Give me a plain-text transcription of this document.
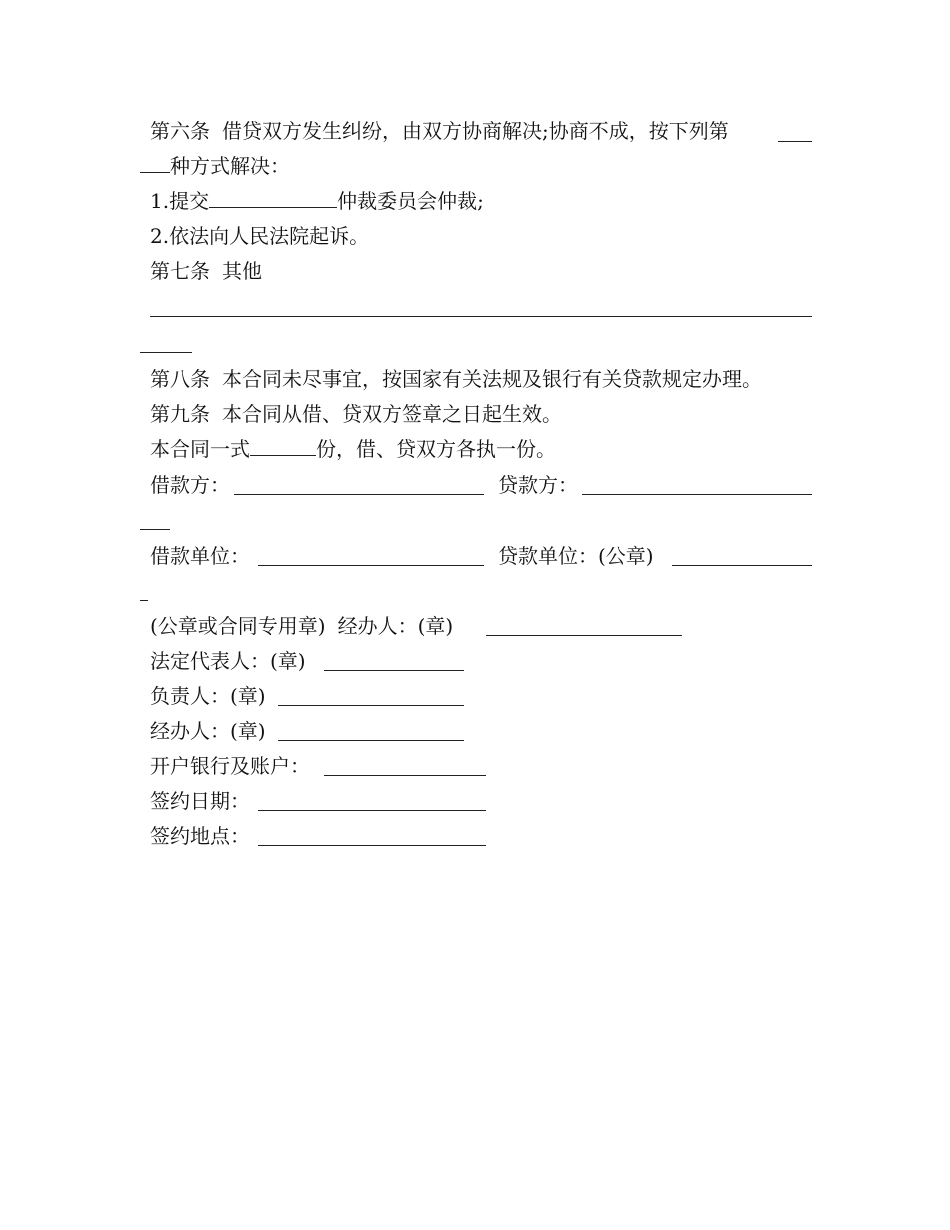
第六条 借贷双方发生纠纷，由双方协商解决;协商不成，按下列第
种方式解决：
1.提交	仲裁委员会仲裁;
2.依法向人民法院起诉。
第七条 其他
第八条 本合同未尽事宜，按国家有关法规及银行有关贷款规定办理。
第九条 本合同从借、贷双方签章之日起生效。
本合同一式	份，借、贷双方各执一份。
借款方：	贷款方：
借款单位：	贷款单位：(公章)
(公章或合同专用章) 经办人：(章)
法定代表人：(章)
负责人：(章)
经办人：(章)
开户银行及账户：
签约日期：
签约地点：
